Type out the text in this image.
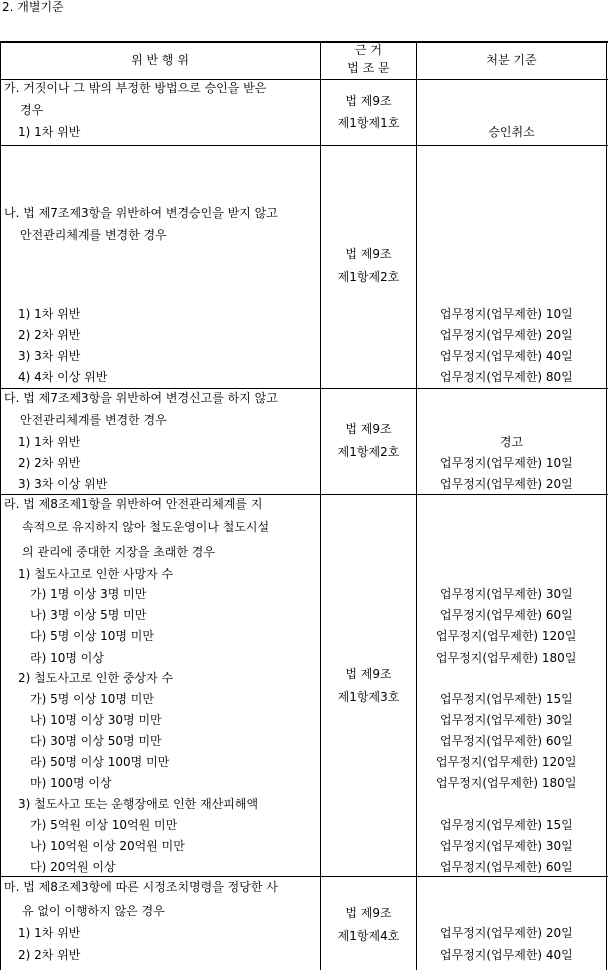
2. 개별기준
위 반 행 위
근 거
법 조 문
처분 기준
가. 거짓이나 그 밖의 부정한 방법으로 승인을 받은
경우
1) 1차 위반
법 제9조
제1항제1호
승인취소
나. 법 제7조제3항을 위반하여 변경승인을 받지 않고
안전관리체계를 변경한 경우
1) 1차 위반
2) 2차 위반
3) 3차 위반
4) 4차 이상 위반
법 제9조
제1항제2호
업무정지(업무제한) 10일
업무정지(업무제한) 20일
업무정지(업무제한) 40일
업무정지(업무제한) 80일
다. 법 제7조제3항을 위반하여 변경신고를 하지 않고
안전관리체계를 변경한 경우
1) 1차 위반
2) 2차 위반
3) 3차 이상 위반
법 제9조
제1항제2호
경고
업무정지(업무제한) 10일
업무정지(업무제한) 20일
라. 법 제8조제1항을 위반하여 안전관리체계를 지
속적으로 유지하지 않아 철도운영이나 철도시설
의 관리에 중대한 지장을 초래한 경우
1) 철도사고로 인한 사망자 수
가) 1명 이상 3명 미만
나) 3명 이상 5명 미만
다) 5명 이상 10명 미만
라) 10명 이상
2) 철도사고로 인한 중상자 수
가) 5명 이상 10명 미만
나) 10명 이상 30명 미만
다) 30명 이상 50명 미만
라) 50명 이상 100명 미만
마) 100명 이상
3) 철도사고 또는 운행장애로 인한 재산피해액
가) 5억원 이상 10억원 미만
나) 10억원 이상 20억원 미만
다) 20억원 이상
법 제9조
제1항제3호
업무정지(업무제한) 30일
업무정지(업무제한) 60일
업무정지(업무제한) 120일
업무정지(업무제한) 180일
업무정지(업무제한) 15일
업무정지(업무제한) 30일
업무정지(업무제한) 60일
업무정지(업무제한) 120일
업무정지(업무제한) 180일
업무정지(업무제한) 15일
업무정지(업무제한) 30일
업무정지(업무제한) 60일
마. 법 제8조제3항에 따른 시정조치명령을 정당한 사
유 없이 이행하지 않은 경우
1) 1차 위반
2) 2차 위반
법 제9조
제1항제4호	업무정지(업무제한) 20일
업무정지(업무제한) 40일
